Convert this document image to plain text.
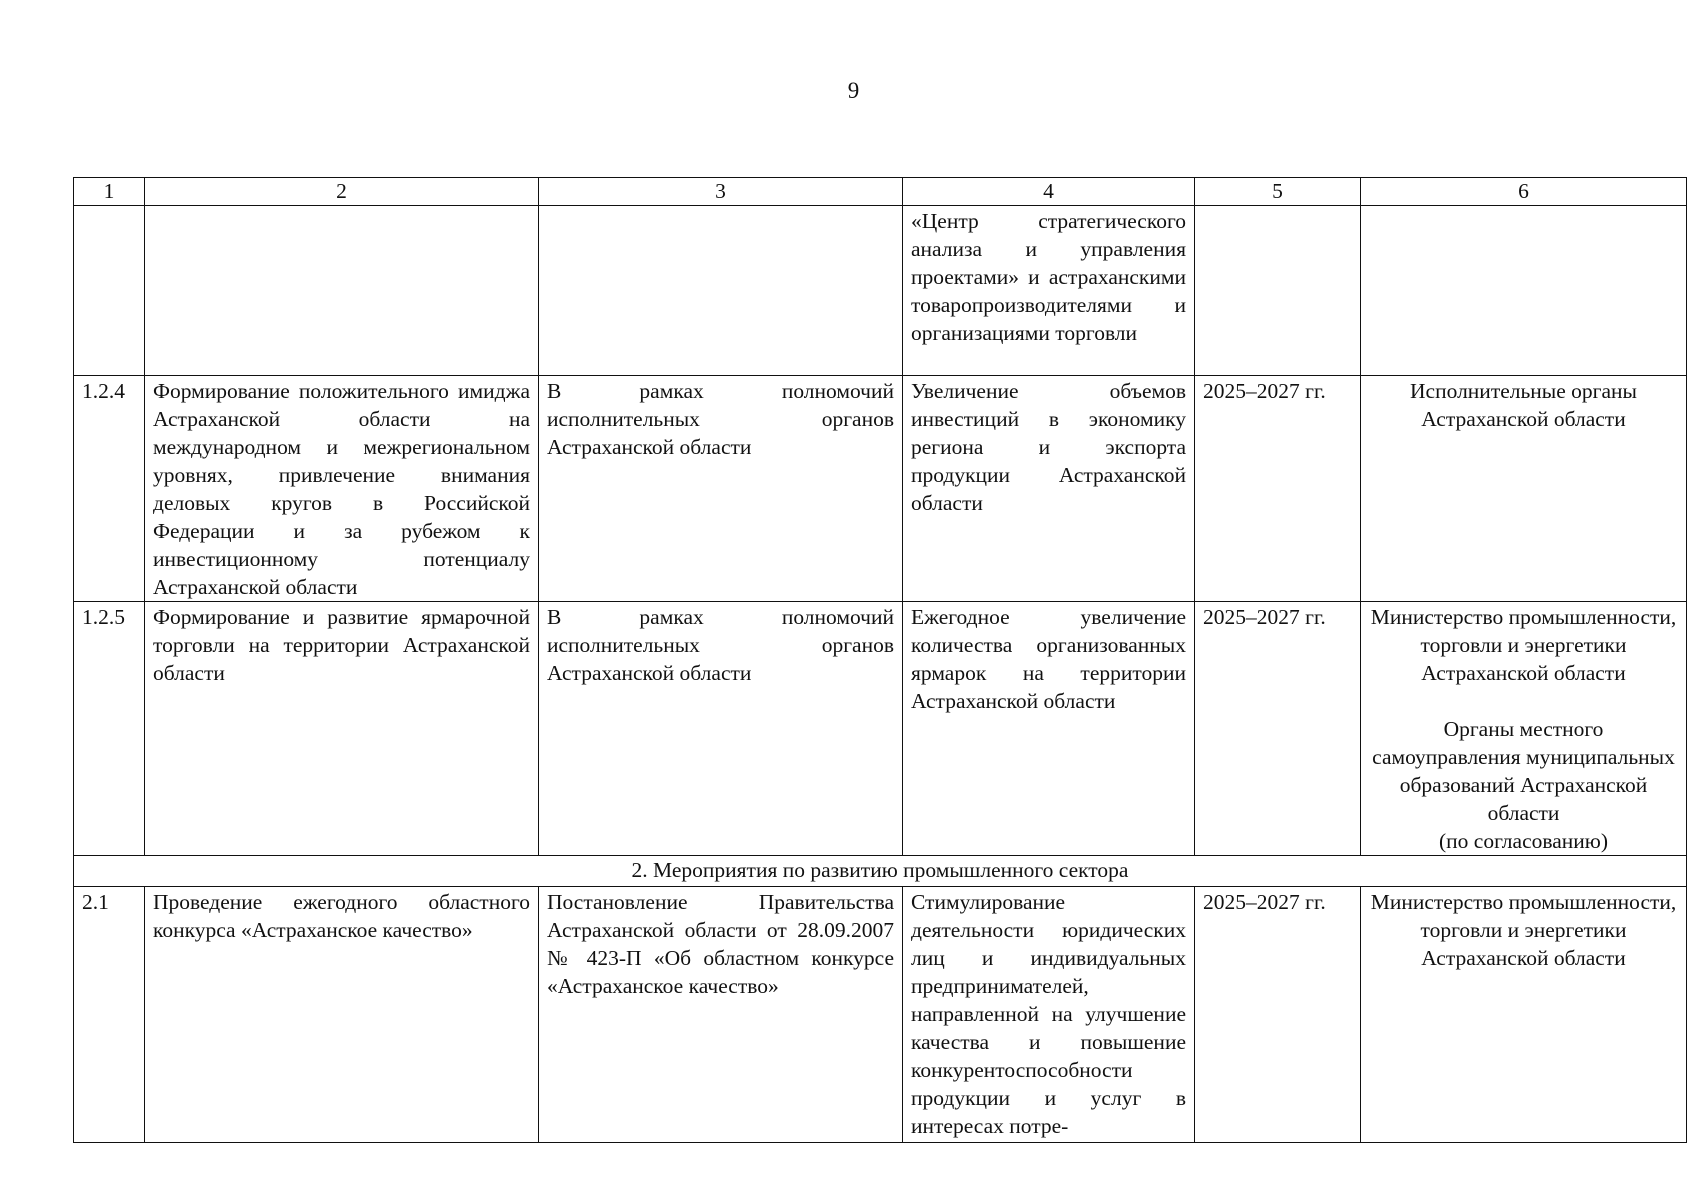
9
1	2	3	4	5	6
			«Центр стратегического анализа и управления проектами» и астраханскими товаропроизводителями и организациями торговли		
1.2.4	Формирование положительного имиджа Астраханской области на международном и межрегиональном уровнях, привлечение внимания деловых кругов в Российской Федерации и за рубежом к инвестиционному потенциалу Астраханской области	В рамках полномочий исполнительных органов Астраханской области	Увеличение объемов инвестиций в экономику региона и экспорта продукции Астраханской области	2025–2027 гг.	Исполнительные органы Астраханской области

1.2.5	Формирование и развитие ярмарочной торговли на территории Астраханской области	В рамках полномочий исполнительных органов Астраханской области	Ежегодное увеличение количества организованных ярмарок на территории Астраханской области	2025–2027 гг.	Министерство промышленности, торговли и энергетики Астраханской области
Органы местного самоуправления муниципальных образований Астраханской области
(по согласованию)

2. Мероприятия по развитию промышленного сектора					
2.1	Проведение ежегодного областного конкурса «Астраханское качество»	Постановление Правительства Астраханской области от 28.09.2007 № 423-П «Об областном конкурсе «Астраханское качество»	Стимулирование деятельности юридических лиц и индивидуальных предпринимателей, направленной на улучшение качества и повышение конкурентоспособности продукции и услуг в интересах потре-	2025–2027 гг.	Министерство промышленности, торговли и энергетики Астраханской области
